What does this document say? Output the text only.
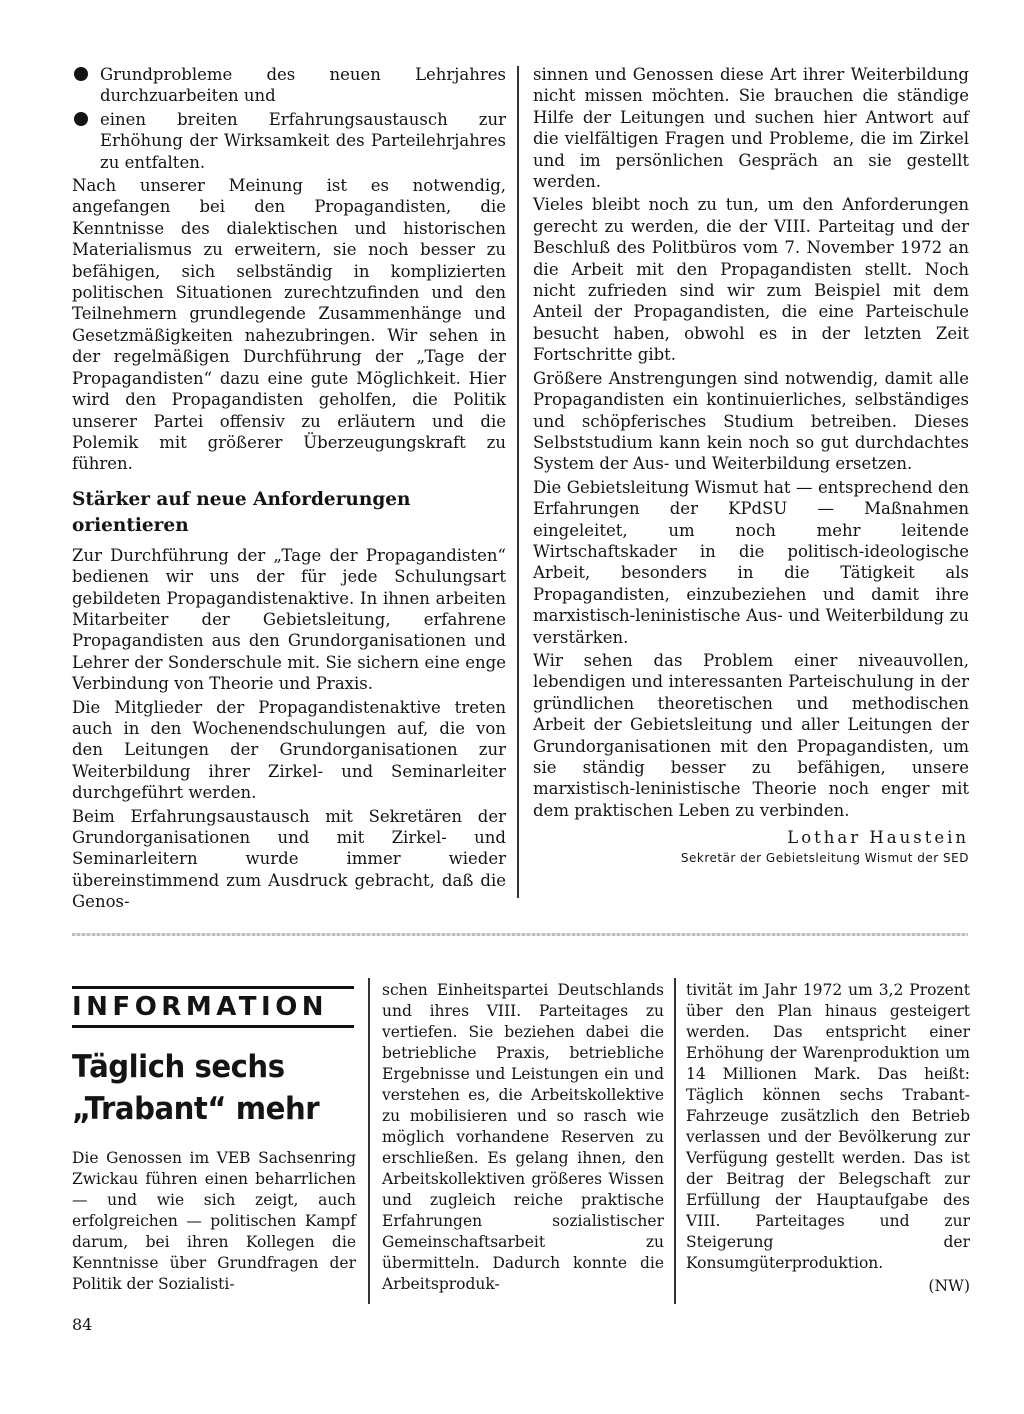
Grundprobleme des neuen Lehrjahres durchzuarbeiten und
einen breiten Erfahrungsaustausch zur Erhöhung der Wirksamkeit des Parteilehrjahres zu entfalten.

Nach unserer Meinung ist es notwendig, angefangen bei den Propagandisten, die Kenntnisse des dialektischen und historischen Materialismus zu erweitern, sie noch besser zu befähigen, sich selbständig in komplizierten politischen Situationen zurechtzufinden und den Teilnehmern grundlegende Zusammenhänge und Gesetzmäßigkeiten nahezubringen. Wir sehen in der regelmäßigen Durchführung der „Tage der Propagandisten“ dazu eine gute Möglichkeit. Hier wird den Propagandisten geholfen, die Politik unserer Partei offensiv zu erläutern und die Polemik mit größerer Überzeugungskraft zu führen.

Stärker auf neue Anforderungen orientieren

Zur Durchführung der „Tage der Propagandisten“ bedienen wir uns der für jede Schulungsart gebildeten Propagandistenaktive. In ihnen arbeiten Mitarbeiter der Gebietsleitung, erfahrene Propagandisten aus den Grundorganisationen und Lehrer der Sonderschule mit. Sie sichern eine enge Verbindung von Theorie und Praxis.

Die Mitglieder der Propagandistenaktive treten auch in den Wochenendschulungen auf, die von den Leitungen der Grundorganisationen zur Weiterbildung ihrer Zirkel- und Seminarleiter durchgeführt werden.

Beim Erfahrungsaustausch mit Sekretären der Grundorganisationen und mit Zirkel- und Seminarleitern wurde immer wieder übereinstimmend zum Ausdruck gebracht, daß die Genos-

sinnen und Genossen diese Art ihrer Weiterbildung nicht missen möchten. Sie brauchen die ständige Hilfe der Leitungen und suchen hier Antwort auf die vielfältigen Fragen und Probleme, die im Zirkel und im persönlichen Gespräch an sie gestellt werden.

Vieles bleibt noch zu tun, um den Anforderungen gerecht zu werden, die der VIII. Parteitag und der Beschluß des Politbüros vom 7. November 1972 an die Arbeit mit den Propagandisten stellt. Noch nicht zufrieden sind wir zum Beispiel mit dem Anteil der Propagandisten, die eine Parteischule besucht haben, obwohl es in der letzten Zeit Fortschritte gibt.

Größere Anstrengungen sind notwendig, damit alle Propagandisten ein kontinuierliches, selbständiges und schöpferisches Studium betreiben. Dieses Selbststudium kann kein noch so gut durchdachtes System der Aus- und Weiterbildung ersetzen.

Die Gebietsleitung Wismut hat — entsprechend den Erfahrungen der KPdSU — Maßnahmen eingeleitet, um noch mehr leitende Wirtschaftskader in die politisch-ideologische Arbeit, besonders in die Tätigkeit als Propagandisten, einzubeziehen und damit ihre marxistisch-leninistische Aus- und Weiterbildung zu verstärken.

Wir sehen das Problem einer niveauvollen, lebendigen und interessanten Parteischulung in der gründlichen theoretischen und methodischen Arbeit der Gebietsleitung und aller Leitungen der Grundorganisationen mit den Propagandisten, um sie ständig besser zu befähigen, unsere marxistisch-leninistische Theorie noch enger mit dem praktischen Leben zu verbinden.

Lothar Haustein
Sekretär der Gebietsleitung Wismut der SED
INFORMATION
Täglich sechs
„Trabant“ mehr

Die Genossen im VEB Sachsenring Zwickau führen einen beharrlichen — und wie sich zeigt, auch erfolgreichen — politischen Kampf darum, bei ihren Kollegen die Kenntnisse über Grundfragen der Politik der Sozialisti-

schen Einheitspartei Deutschlands und ihres VIII. Parteitages zu vertiefen. Sie beziehen dabei die betriebliche Praxis, betriebliche Ergebnisse und Leistungen ein und verstehen es, die Arbeitskollektive zu mobilisieren und so rasch wie möglich vorhandene Reserven zu erschließen. Es gelang ihnen, den Arbeitskollektiven größeres Wissen und zugleich reiche praktische Erfahrungen sozialistischer Gemeinschaftsarbeit zu übermitteln. Dadurch konnte die Arbeitsproduk-

tivität im Jahr 1972 um 3,2 Prozent über den Plan hinaus gesteigert werden. Das entspricht einer Erhöhung der Warenproduktion um 14 Millionen Mark. Das heißt: Täglich können sechs Trabant-Fahrzeuge zusätzlich den Betrieb verlassen und der Bevölkerung zur Verfügung gestellt werden. Das ist der Beitrag der Belegschaft zur Erfüllung der Hauptaufgabe des VIII. Parteitages und zur Steigerung der Konsumgüterproduktion.

(NW)
84
